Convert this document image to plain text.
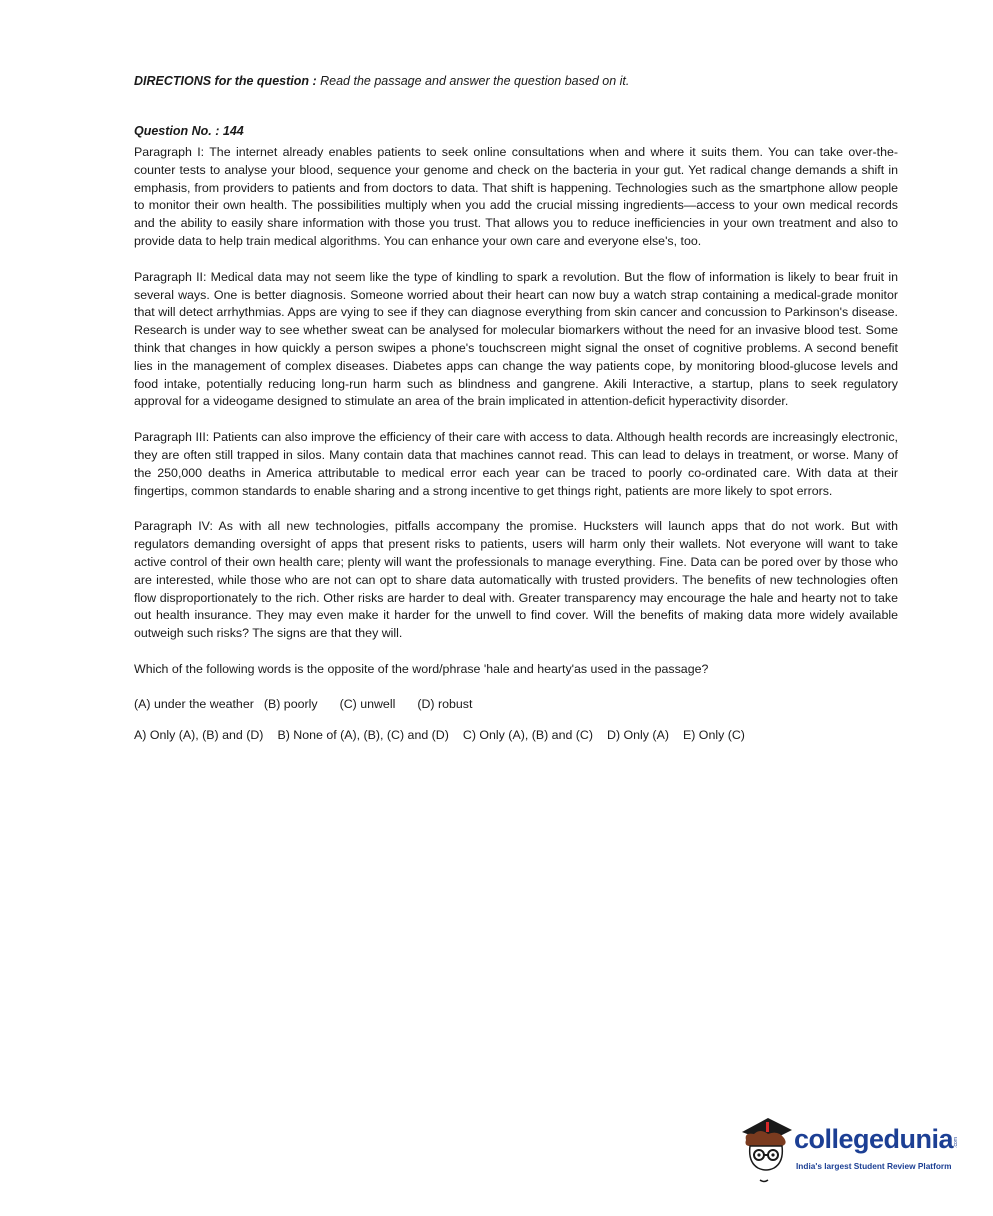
DIRECTIONS for the question : Read the passage and answer the question based on it.

Question No. : 144

Paragraph I: The internet already enables patients to seek online consultations when and where it suits them. You can take over-the-counter tests to analyse your blood, sequence your genome and check on the bacteria in your gut. Yet radical change demands a shift in emphasis, from providers to patients and from doctors to data. That shift is happening. Technologies such as the smartphone allow people to monitor their own health. The possibilities multiply when you add the crucial missing ingredients—access to your own medical records and the ability to easily share information with those you trust. That allows you to reduce inefficiencies in your own treatment and also to provide data to help train medical algorithms. You can enhance your own care and everyone else's, too.

Paragraph II: Medical data may not seem like the type of kindling to spark a revolution. But the flow of information is likely to bear fruit in several ways. One is better diagnosis. Someone worried about their heart can now buy a watch strap containing a medical-grade monitor that will detect arrhythmias. Apps are vying to see if they can diagnose everything from skin cancer and concussion to Parkinson's disease. Research is under way to see whether sweat can be analysed for molecular biomarkers without the need for an invasive blood test. Some think that changes in how quickly a person swipes a phone's touchscreen might signal the onset of cognitive problems. A second benefit lies in the management of complex diseases. Diabetes apps can change the way patients cope, by monitoring blood-glucose levels and food intake, potentially reducing long-run harm such as blindness and gangrene. Akili Interactive, a startup, plans to seek regulatory approval for a videogame designed to stimulate an area of the brain implicated in attention-deficit hyperactivity disorder.

Paragraph III: Patients can also improve the efficiency of their care with access to data. Although health records are increasingly electronic, they are often still trapped in silos. Many contain data that machines cannot read. This can lead to delays in treatment, or worse. Many of the 250,000 deaths in America attributable to medical error each year can be traced to poorly co-ordinated care. With data at their fingertips, common standards to enable sharing and a strong incentive to get things right, patients are more likely to spot errors.

Paragraph IV: As with all new technologies, pitfalls accompany the promise. Hucksters will launch apps that do not work. But with regulators demanding oversight of apps that present risks to patients, users will harm only their wallets. Not everyone will want to take active control of their own health care; plenty will want the professionals to manage everything. Fine. Data can be pored over by those who are interested, while those who are not can opt to share data automatically with trusted providers. The benefits of new technologies often flow disproportionately to the rich. Other risks are harder to deal with. Greater transparency may encourage the hale and hearty not to take out health insurance. They may even make it harder for the unwell to find cover. Will the benefits of making data more widely available outweigh such risks? The signs are that they will.

Which of the following words is the opposite of the word/phrase 'hale and hearty'as used in the passage?

(A) under the weather (B) poorly (C) unwell (D) robust

A) Only (A), (B) and (D) B) None of (A), (B), (C) and (D) C) Only (A), (B) and (C) D) Only (A) E) Only (C)

collegedunia .com
India's largest Student Review Platform
